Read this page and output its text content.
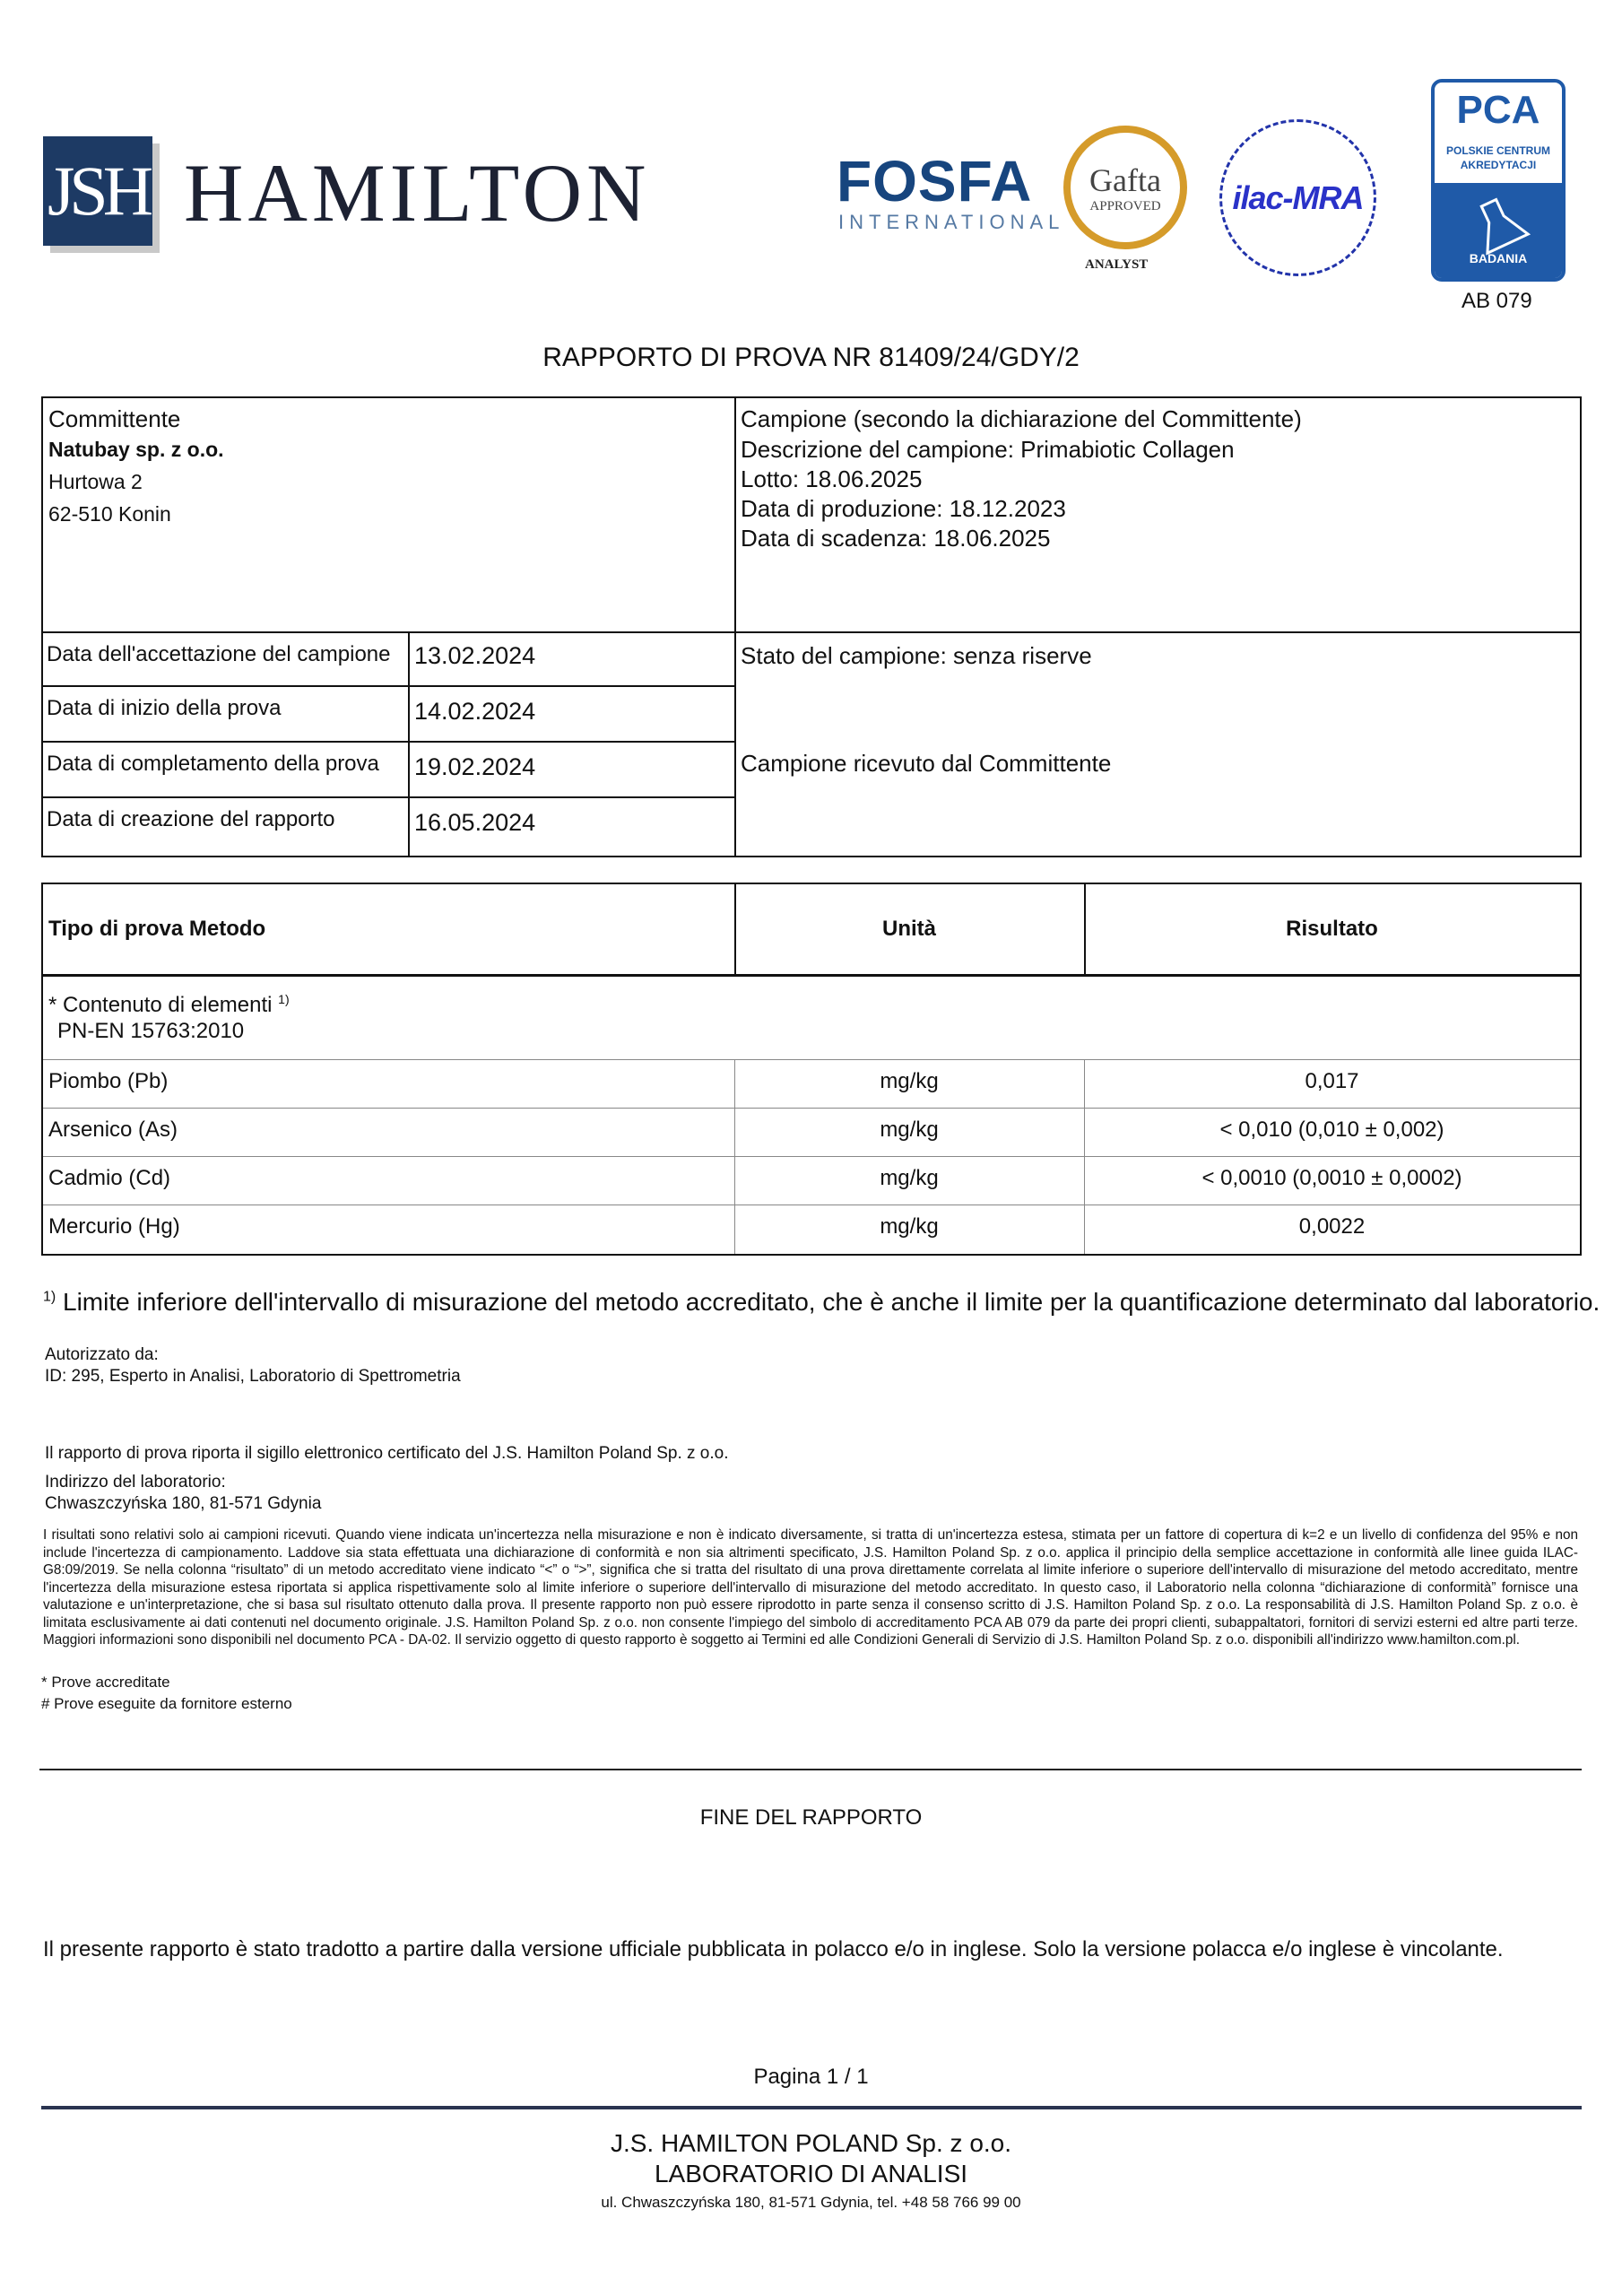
JSH HAMILTON	FOSFA
INTERNATIONAL
Gafta
APPROVED
ANALYST
ilac-MRA
PCA
POLSKIE CENTRUM
AKREDYTACJI
BADANIA
AB 079
RAPPORTO DI PROVA NR 81409/24/GDY/2
Committente
Natubay sp. z o.o.
Hurtowa 2
62-510 Konin
Campione (secondo la dichiarazione del Committente)
Descrizione del campione: Primabiotic Collagen
Lotto: 18.06.2025
Data di produzione: 18.12.2023
Data di scadenza: 18.06.2025
Data dell'accettazione del campione 13.02.2024
Data di inizio della prova	14.02.2024
Data di completamento della prova 19.02.2024
Data di creazione del rapporto	16.05.2024
Stato del campione: senza riserve
Campione ricevuto dal Committente
Tipo di prova Metodo	Unità	Risultato
* Contenuto di elementi $^{1)}$
PN-EN 15763:2010
Piombo (Pb)	mg/kg	0,017
Arsenico (As)	mg/kg	< 0,010 (0,010 ± 0,002)
Cadmio (Cd)	mg/kg	< 0,0010 (0,0010 ± 0,0002)
Mercurio (Hg)	mg/kg	0,0022
$^{1)}$ Limite inferiore dell'intervallo di misurazione del metodo accreditato, che è anche il limite per la quantificazione determinato dal laboratorio.
Autorizzato da:
ID: 295, Esperto in Analisi, Laboratorio di Spettrometria
Il rapporto di prova riporta il sigillo elettronico certificato del J.S. Hamilton Poland Sp. z o.o.
Indirizzo del laboratorio:
Chwaszczyńska 180, 81-571 Gdynia
I risultati sono relativi solo ai campioni ricevuti. Quando viene indicata un'incertezza nella misurazione e non è indicato diversamente, si tratta di un'incertezza estesa, stimata per un fattore di copertura di k=2 e un livello di confidenza del 95% e non include l'incertezza di campionamento. Laddove sia stata effettuata una dichiarazione di conformità e non sia altrimenti specificato, J.S. Hamilton Poland Sp. z o.o. applica il principio della semplice accettazione in conformità alle linee guida ILAC-G8:09/2019. Se nella colonna “risultato” di un metodo accreditato viene indicato “<” o “>”, significa che si tratta del risultato di una prova direttamente correlata al limite inferiore o superiore dell'intervallo di misurazione del metodo accreditato, mentre l'incertezza della misurazione estesa riportata si applica rispettivamente solo al limite inferiore o superiore dell'intervallo di misurazione del metodo accreditato. In questo caso, il Laboratorio nella colonna “dichiarazione di conformità” fornisce una valutazione e un'interpretazione, che si basa sul risultato ottenuto dalla prova. Il presente rapporto non può essere riprodotto in parte senza il consenso scritto di J.S. Hamilton Poland Sp. z o.o. La responsabilità di J.S. Hamilton Poland Sp. z o.o. è limitata esclusivamente ai dati contenuti nel documento originale. J.S. Hamilton Poland Sp. z o.o. non consente l'impiego del simbolo di accreditamento PCA AB 079 da parte dei propri clienti, subappaltatori, fornitori di servizi esterni ed altre parti terze. Maggiori informazioni sono disponibili nel documento PCA - DA-02. Il servizio oggetto di questo rapporto è soggetto ai Termini ed alle Condizioni Generali di Servizio di J.S. Hamilton Poland Sp. z o.o. disponibili all'indirizzo www.hamilton.com.pl.
* Prove accreditate
# Prove eseguite da fornitore esterno
FINE DEL RAPPORTO
Il presente rapporto è stato tradotto a partire dalla versione ufficiale pubblicata in polacco e/o in inglese. Solo la versione polacca e/o inglese è vincolante.
Pagina 1 / 1
J.S. HAMILTON POLAND Sp. z o.o.
LABORATORIO DI ANALISI
ul. Chwaszczyńska 180, 81-571 Gdynia, tel. +48 58 766 99 00
